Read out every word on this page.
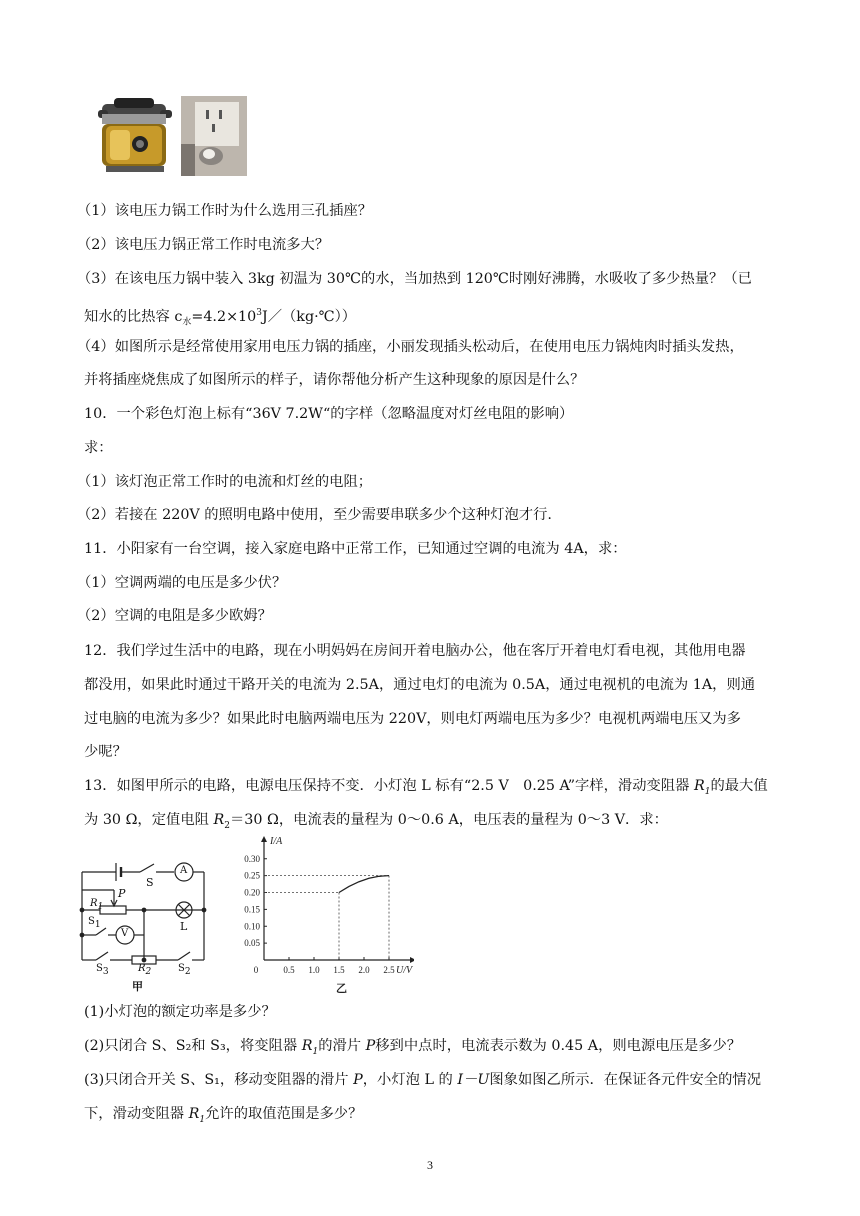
（1）该电压力锅工作时为什么选用三孔插座？
（2）该电压力锅正常工作时电流多大？
（3）在该电压力锅中装入 3kg 初温为 30℃的水，当加热到 120℃时刚好沸腾，水吸收了多少热量？（已
知水的比热容 $c_水=4.2\times 10^3J/(kg\cdot℃)$）
（4）如图所示是经常使用家用电压力锅的插座，小丽发现插头松动后，在使用电压力锅炖肉时插头发热，
并将插座烧焦成了如图所示的样子，请你帮他分析产生这种现象的原因是什么？
10．一个彩色灯泡上标有“36V 7.2W“的字样（忽略温度对灯丝电阻的影响）
求：
（1）该灯泡正常工作时的电流和灯丝的电阻；
（2）若接在 220V 的照明电路中使用，至少需要串联多少个这种灯泡才行.
11．小阳家有一台空调，接入家庭电路中正常工作，已知通过空调的电流为 4A，求：
（1）空调两端的电压是多少伏？
（2）空调的电阻是多少欧姆？
12．我们学过生活中的电路，现在小明妈妈在房间开着电脑办公，他在客厅开着电灯看电视，其他用电器
都没用，如果此时通过干路开关的电流为 2.5A，通过电灯的电流为 0.5A，通过电视机的电流为 1A，则通
过电脑的电流为多少？如果此时电脑两端电压为 220V，则电灯两端电压为多少？电视机两端电压又为多
少呢？
13．如图甲所示的电路，电源电压保持不变．小灯泡 L 标有“2.5 V　0.25 A”字样，滑动变阻器 $R_1$的最大值
为 30 Ω，定值电阻 $R_2=30$ Ω，电流表的量程为 0～0.6 A，电压表的量程为 0～3 V．求：
S
A
$R_1$
P
L
$S_1$
V
$S_3$	$R_2$	$S_2$
甲
0	0.5 1.0 1.5 2.0 2.5
0.05
0.10
0.15
0.20
0.25
0.30
I/A
U/V
乙
(1)小灯泡的额定功率是多少？
(2)只闭合 S、S₂和 S₃，将变阻器 $R_1$的滑片 P移到中点时，电流表示数为 0.45 A，则电源电压是多少？
(3)只闭合开关 S、S₁，移动变阻器的滑片 P，小灯泡 L 的 I－U图象如图乙所示．在保证各元件安全的情况
下，滑动变阻器 $R_1$允许的取值范围是多少？
3
